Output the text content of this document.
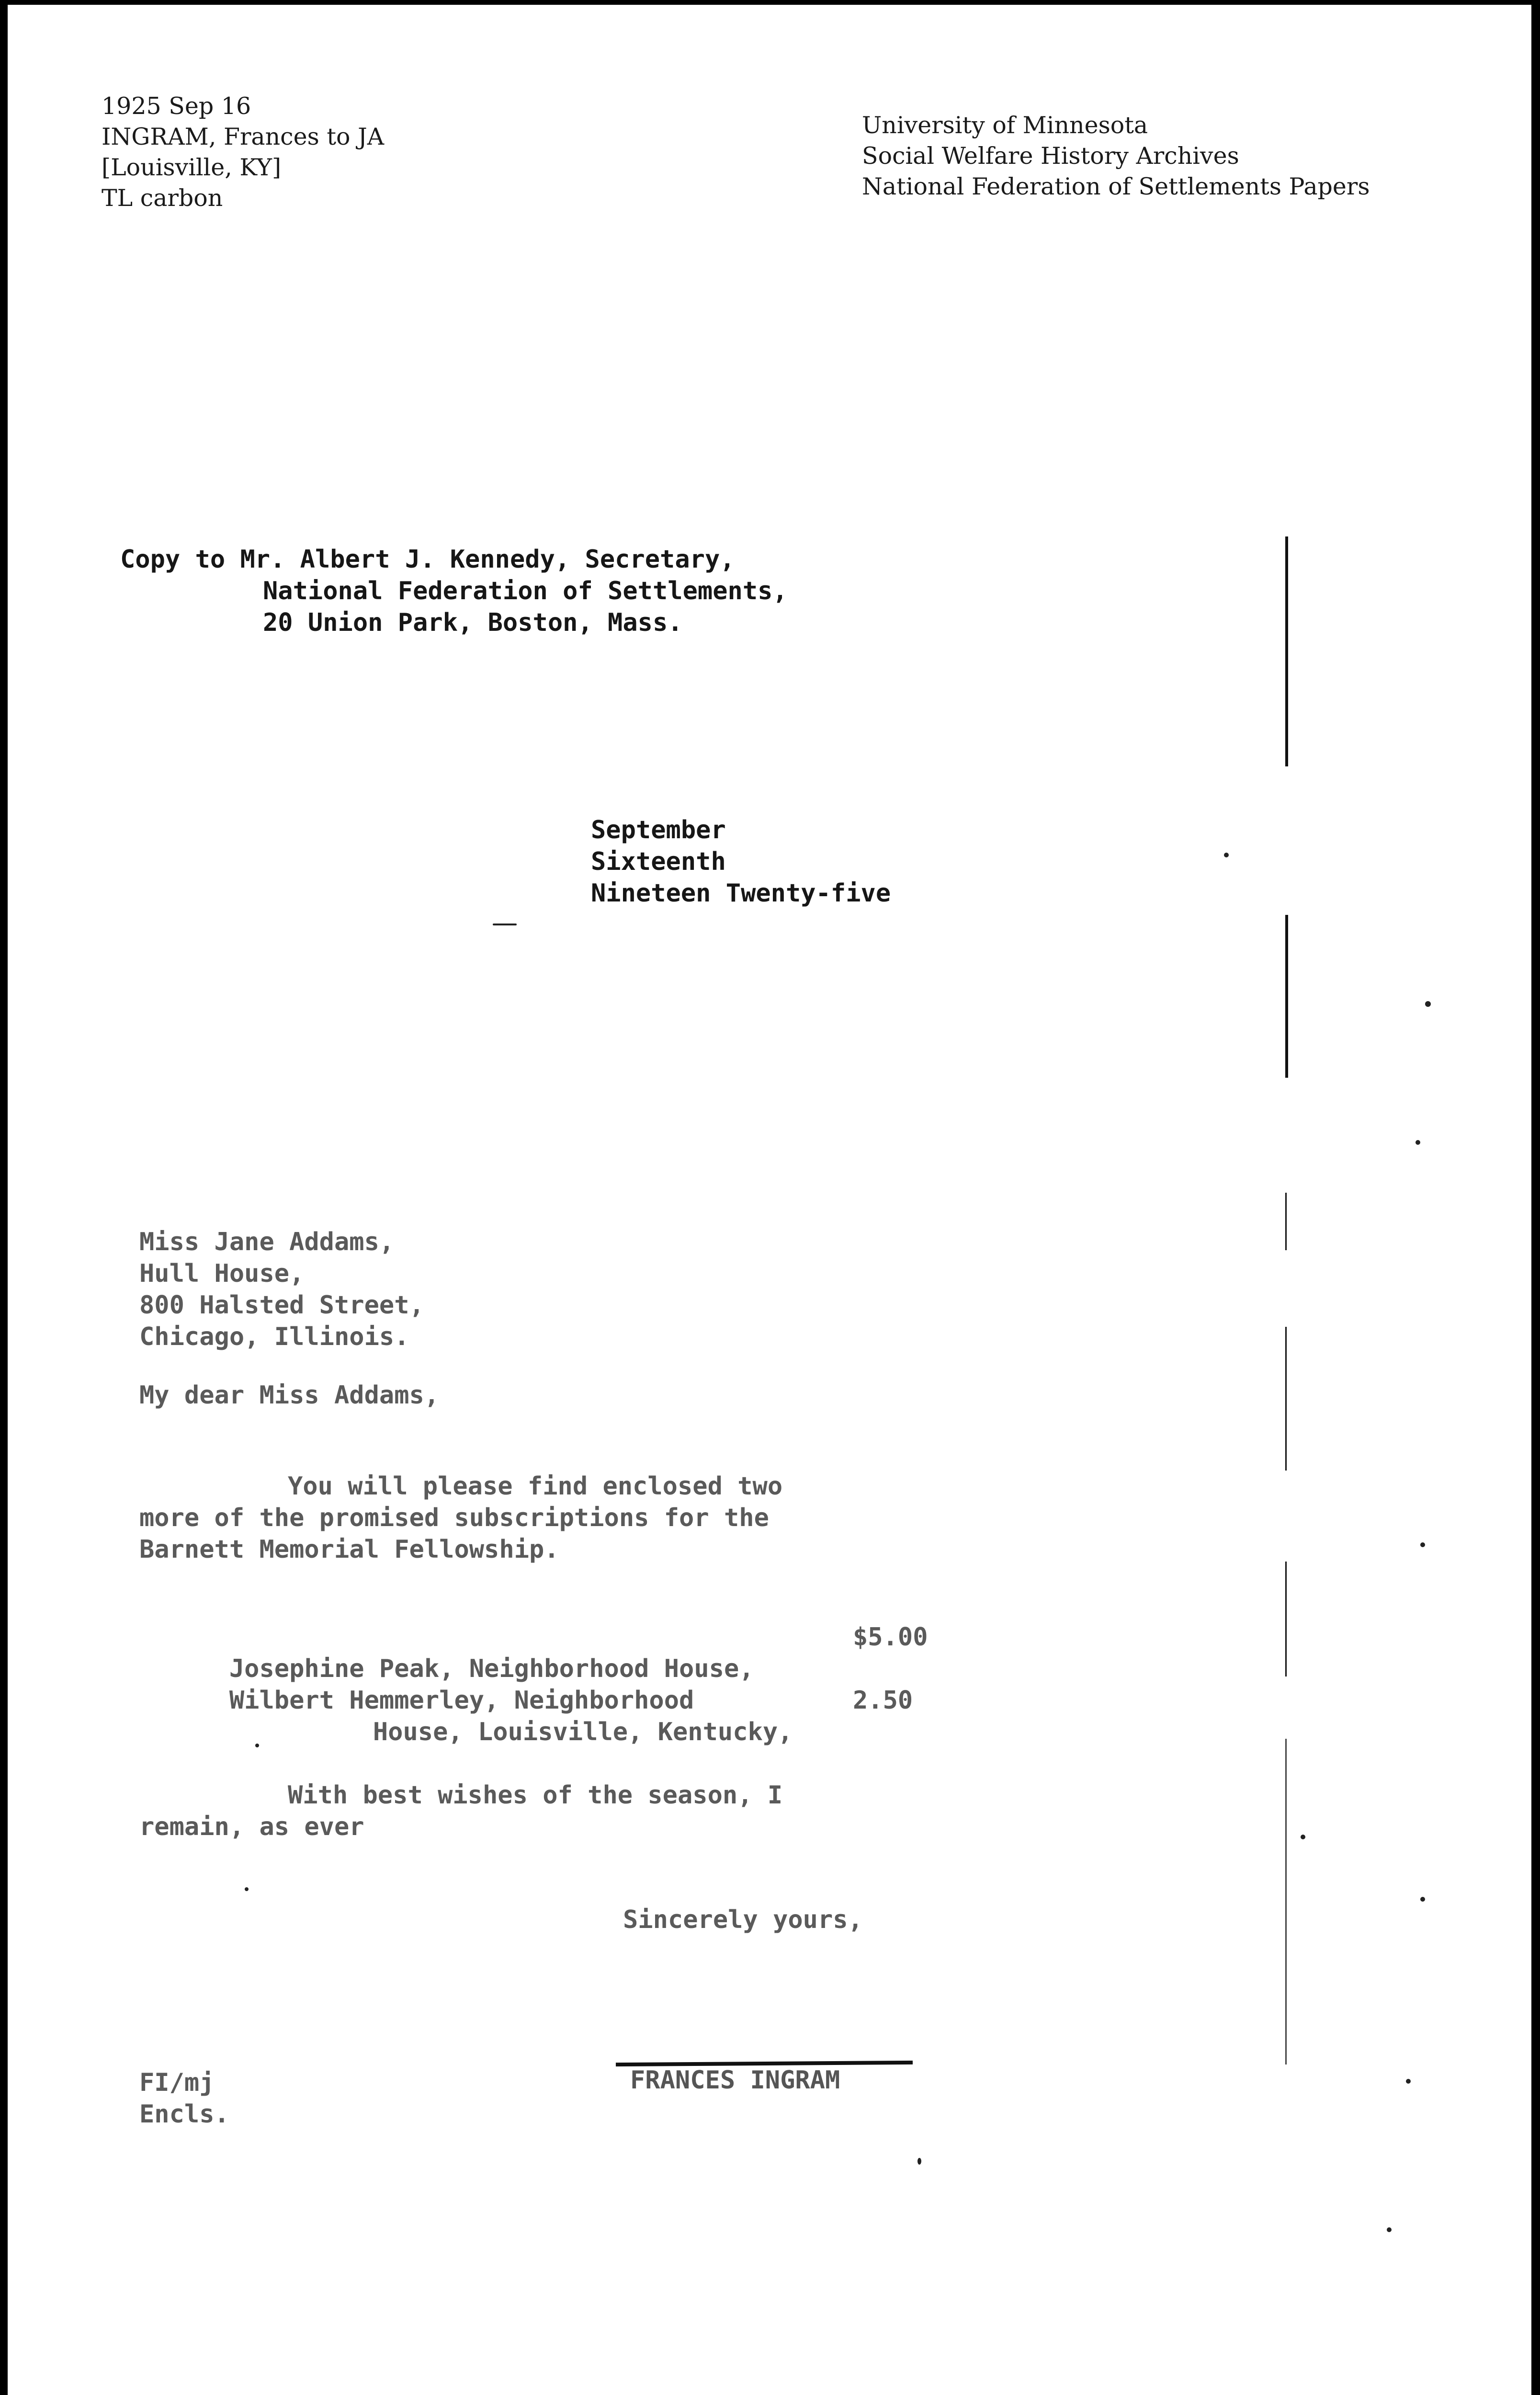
1925 Sep 16
INGRAM, Frances to JA
[Louisville, KY]
TL carbon
University of Minnesota
Social Welfare History Archives
National Federation of Settlements Papers
Copy to Mr. Albert J. Kennedy, Secretary,
National Federation of Settlements,
20 Union Park, Boston, Mass.
September
Sixteenth
Nineteen Twenty-five
Miss Jane Addams,
Hull House,
800 Halsted Street,
Chicago, Illinois.
My dear Miss Addams,
You will please find enclosed two
more of the promised subscriptions for the
Barnett Memorial Fellowship.

Josephine Peak, Neighborhood House,

$5.00

Wilbert Hemmerley, Neighborhood

House, Louisville, Kentucky,

2.50

With best wishes of the season, I
remain, as ever
Sincerely yours,
FRANCES INGRAM
FI/mj
Encls.
